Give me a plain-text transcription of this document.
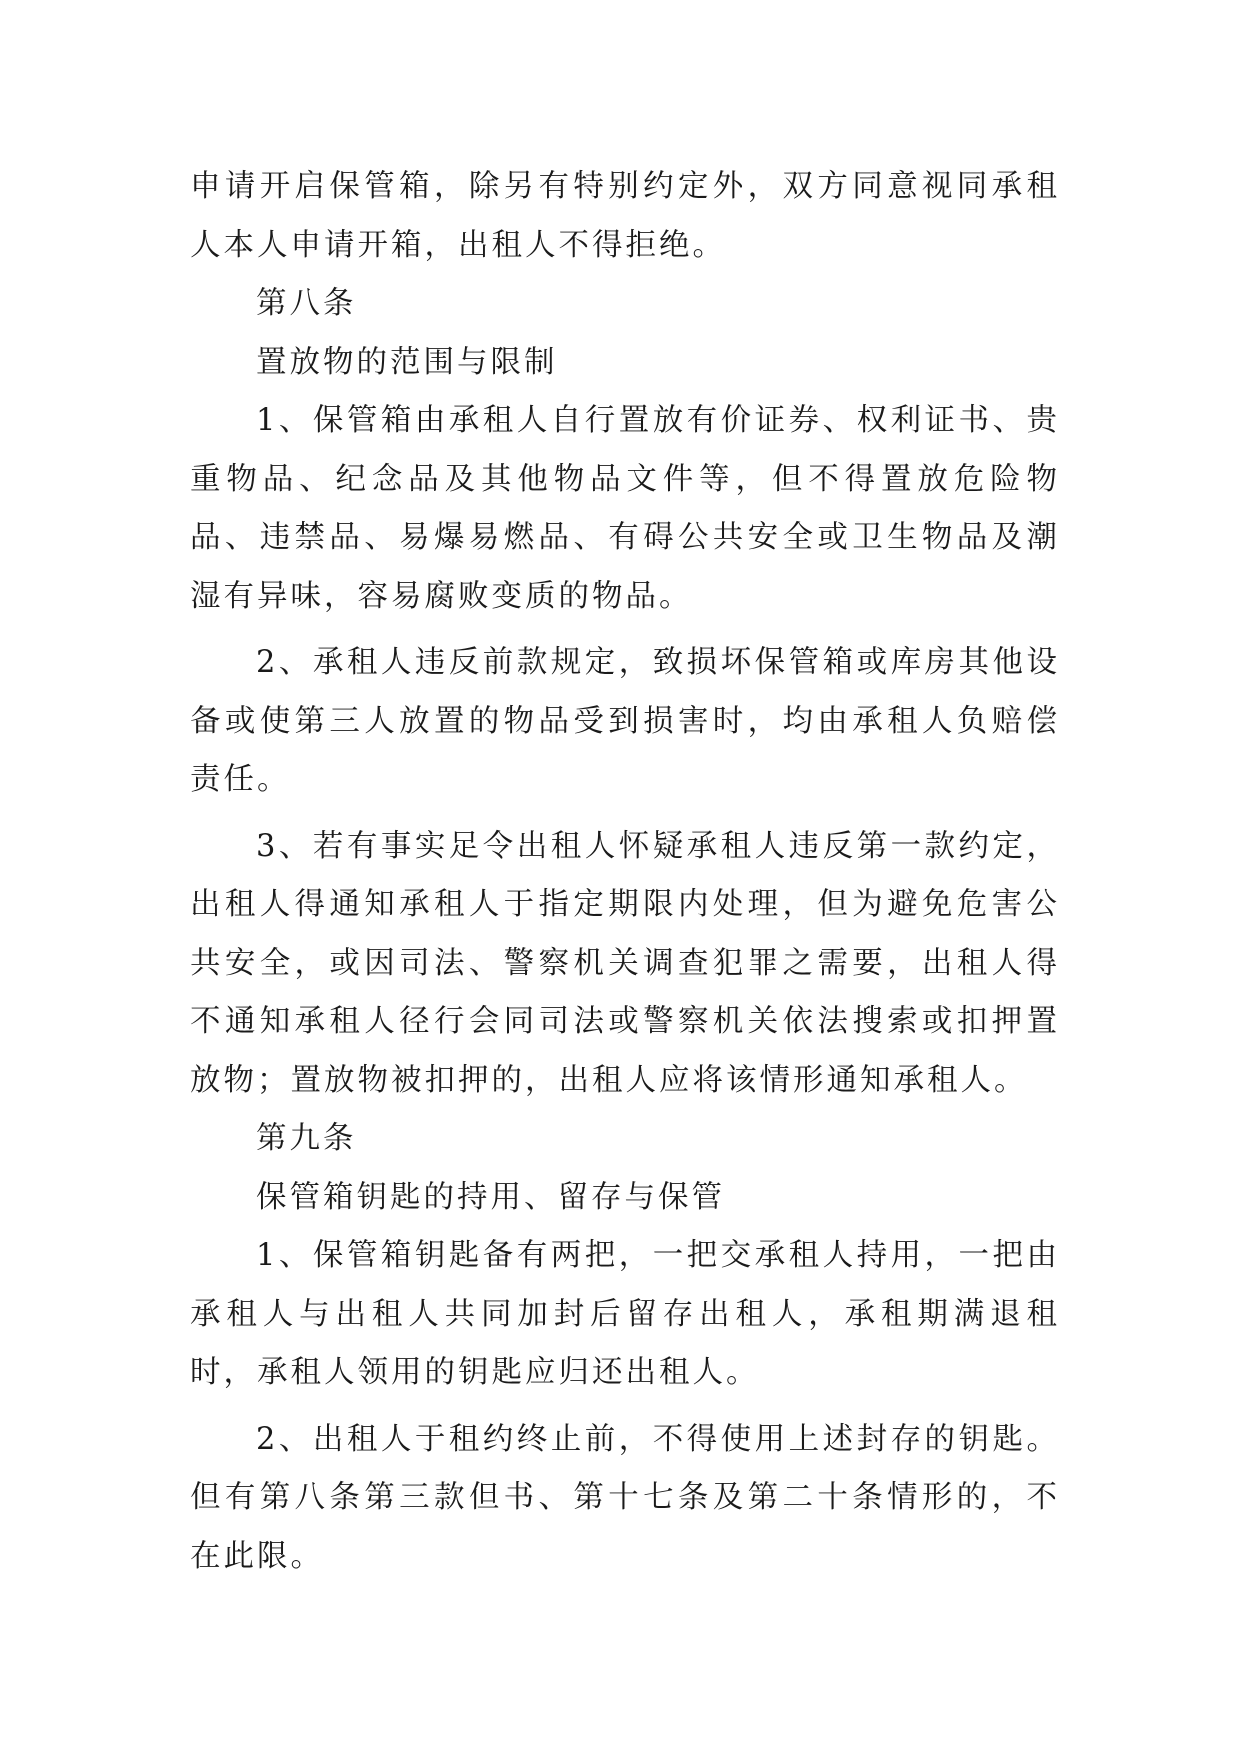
申请开启保管箱，除另有特别约定外，双方同意视同承租人本人申请开箱，出租人不得拒绝。

第八条

置放物的范围与限制

1、保管箱由承租人自行置放有价证券、权利证书、贵重物品、纪念品及其他物品文件等，但不得置放危险物品、违禁品、易爆易燃品、有碍公共安全或卫生物品及潮湿有异味，容易腐败变质的物品。

2、承租人违反前款规定，致损坏保管箱或库房其他设备或使第三人放置的物品受到损害时，均由承租人负赔偿责任。

3、若有事实足令出租人怀疑承租人违反第一款约定，出租人得通知承租人于指定期限内处理，但为避免危害公共安全，或因司法、警察机关调查犯罪之需要，出租人得不通知承租人径行会同司法或警察机关依法搜索或扣押置放物；置放物被扣押的，出租人应将该情形通知承租人。

第九条

保管箱钥匙的持用、留存与保管

1、保管箱钥匙备有两把，一把交承租人持用，一把由承租人与出租人共同加封后留存出租人，承租期满退租时，承租人领用的钥匙应归还出租人。

2、出租人于租约终止前，不得使用上述封存的钥匙。但有第八条第三款但书、第十七条及第二十条情形的，不在此限。
